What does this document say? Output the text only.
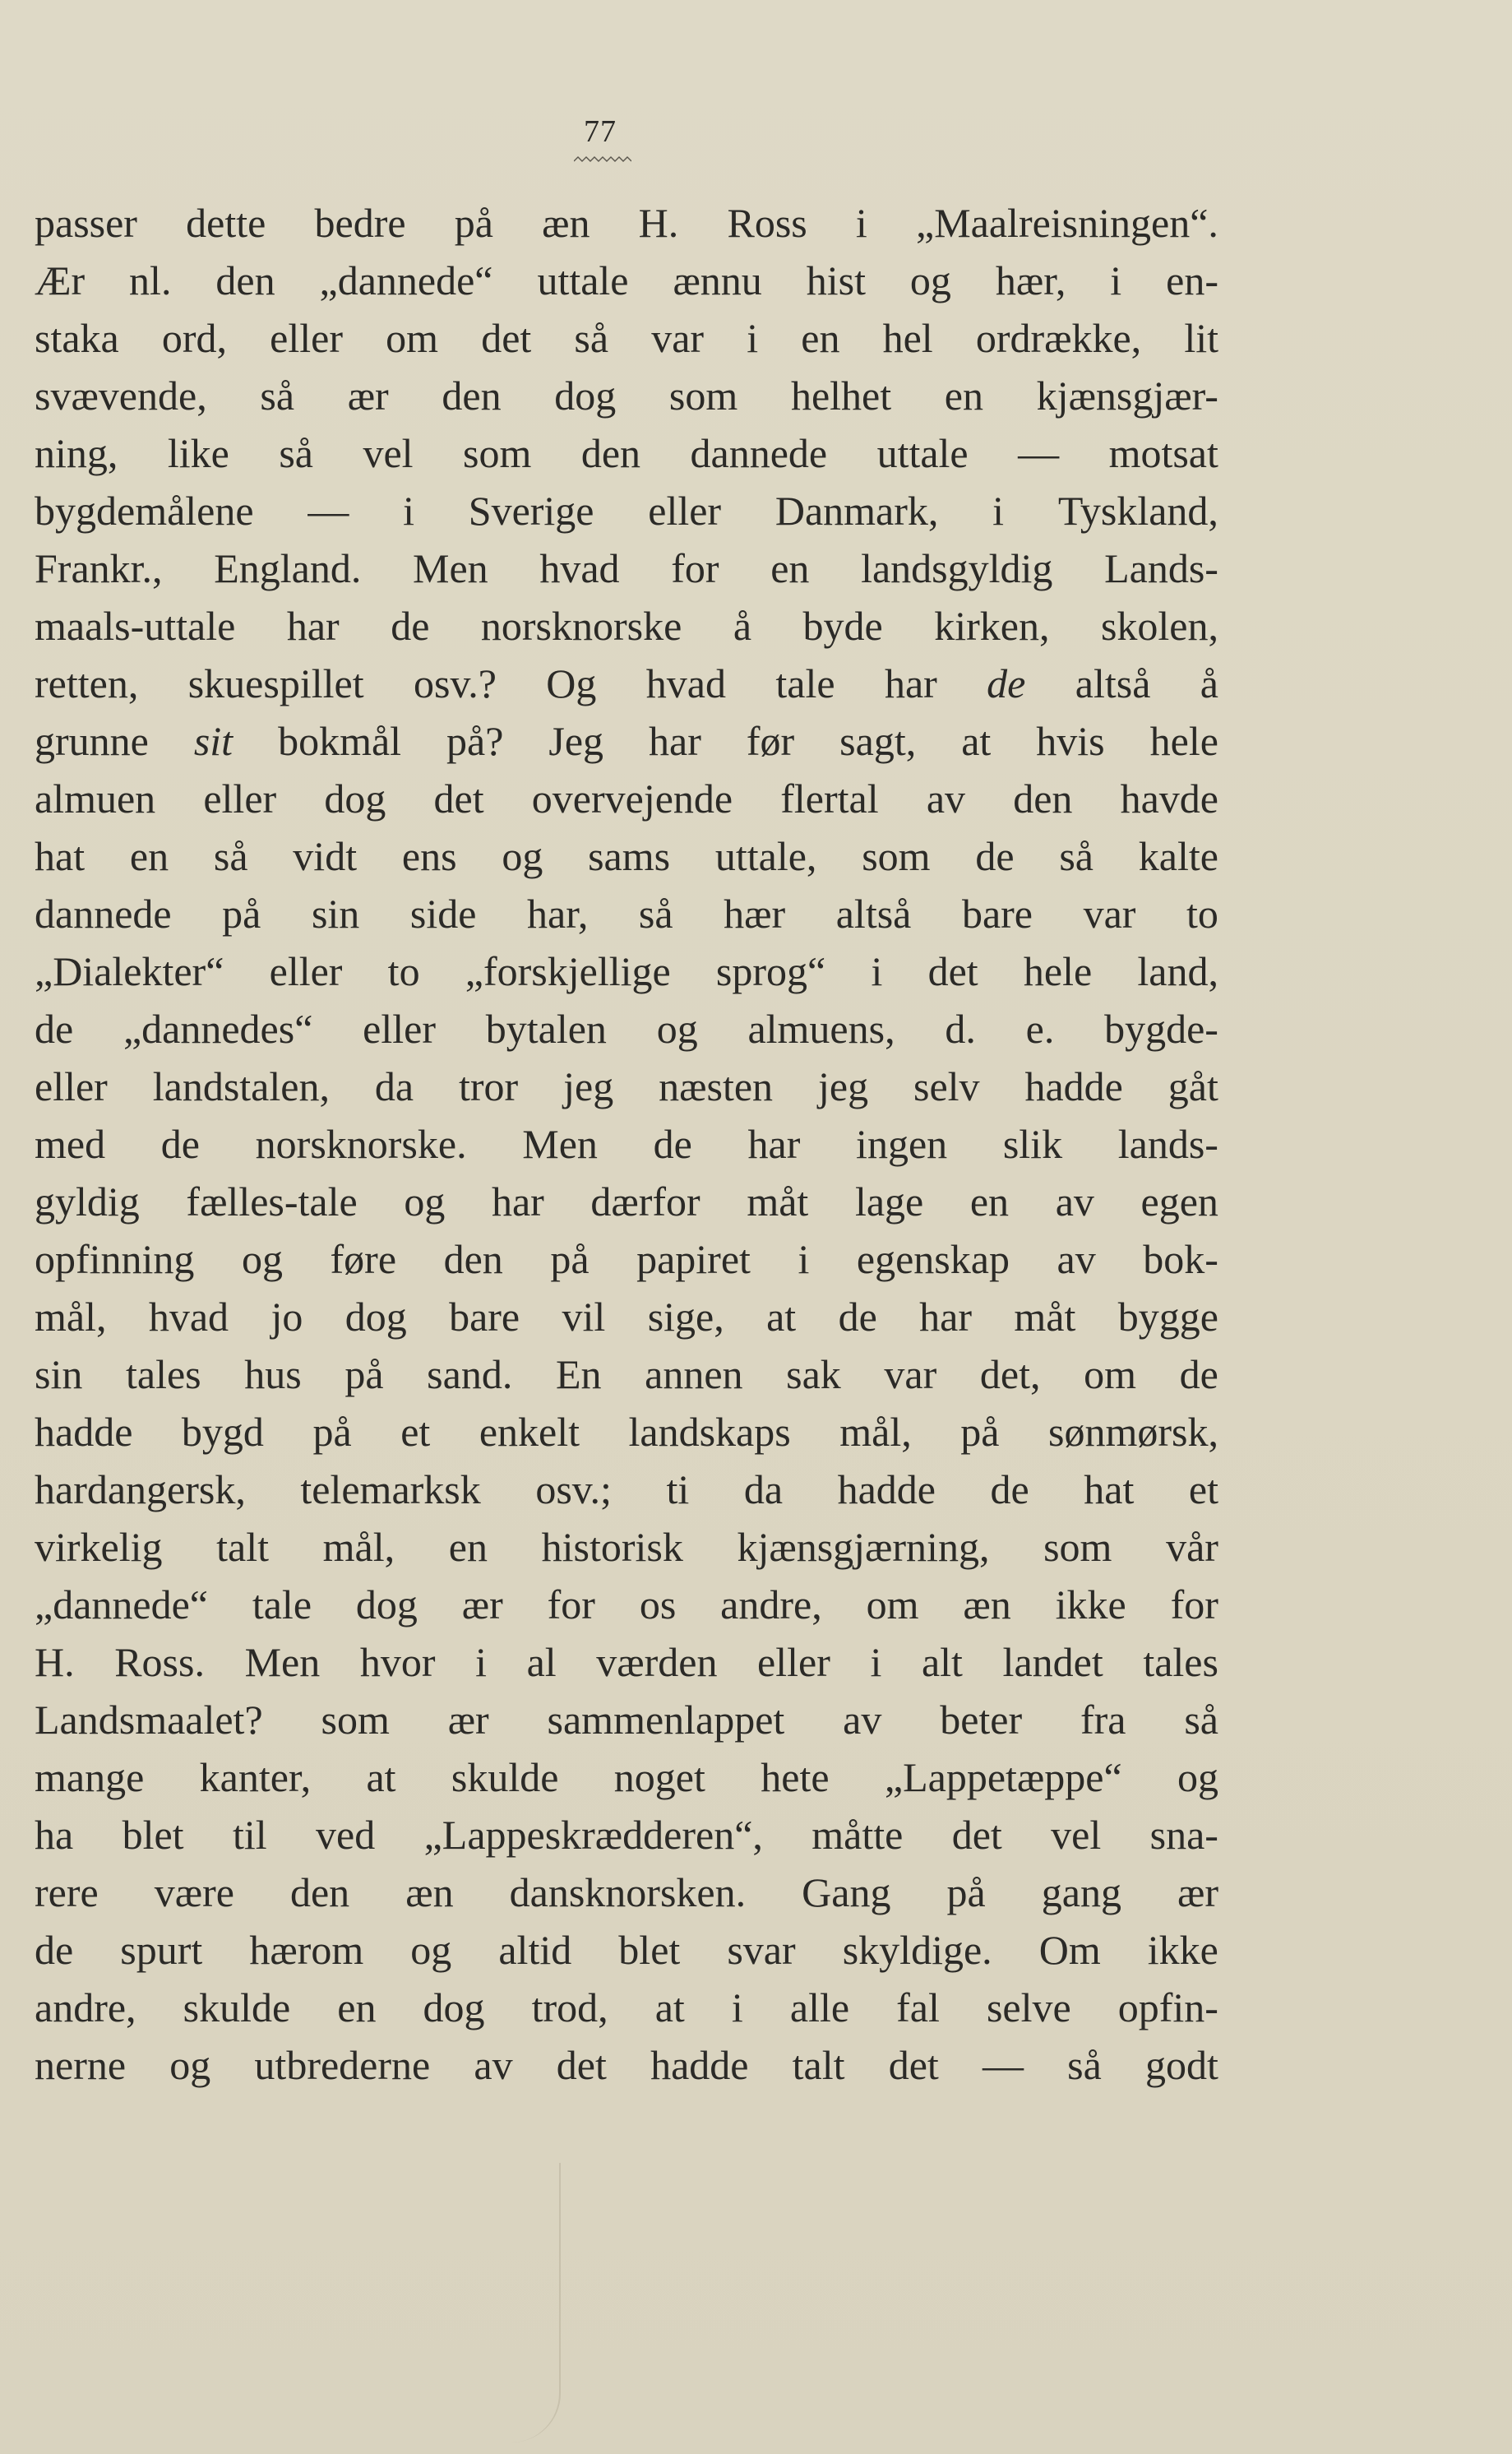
77
passer dette bedre på æn H. Ross i „Maalreisningen“.
Ær nl. den „dannede“ uttale ænnu hist og hær, i en-
staka ord, eller om det så var i en hel ordrække, lit
svævende, så ær den dog som helhet en kjænsgjær-
ning, like så vel som den dannede uttale — motsat
bygdemålene — i Sverige eller Danmark, i Tyskland,
Frankr., England. Men hvad for en landsgyldig Lands-
maals-uttale har de norsknorske å byde kirken, skolen,
retten, skuespillet osv.? Og hvad tale har de altså å
grunne sit bokmål på? Jeg har før sagt, at hvis hele
almuen eller dog det overvejende flertal av den havde
hat en så vidt ens og sams uttale, som de så kalte
dannede på sin side har, så hær altså bare var to
„Dialekter“ eller to „forskjellige sprog“ i det hele land,
de „dannedes“ eller bytalen og almuens, d. e. bygde-
eller landstalen, da tror jeg næsten jeg selv hadde gåt
med de norsknorske. Men de har ingen slik lands-
gyldig fælles-tale og har dærfor måt lage en av egen
opfinning og føre den på papiret i egenskap av bok-
mål, hvad jo dog bare vil sige, at de har måt bygge
sin tales hus på sand. En annen sak var det, om de
hadde bygd på et enkelt landskaps mål, på sønmørsk,
hardangersk, telemarksk osv.; ti da hadde de hat et
virkelig talt mål, en historisk kjænsgjærning, som vår
„dannede“ tale dog ær for os andre, om æn ikke for
H. Ross. Men hvor i al værden eller i alt landet tales
Landsmaalet? som ær sammenlappet av beter fra så
mange kanter, at skulde noget hete „Lappetæppe“ og
ha blet til ved „Lappeskrædderen“, måtte det vel sna-
rere være den æn dansknorsken. Gang på gang ær
de spurt hærom og altid blet svar skyldige. Om ikke
andre, skulde en dog trod, at i alle fal selve opfin-
nerne og utbrederne av det hadde talt det — så godt
